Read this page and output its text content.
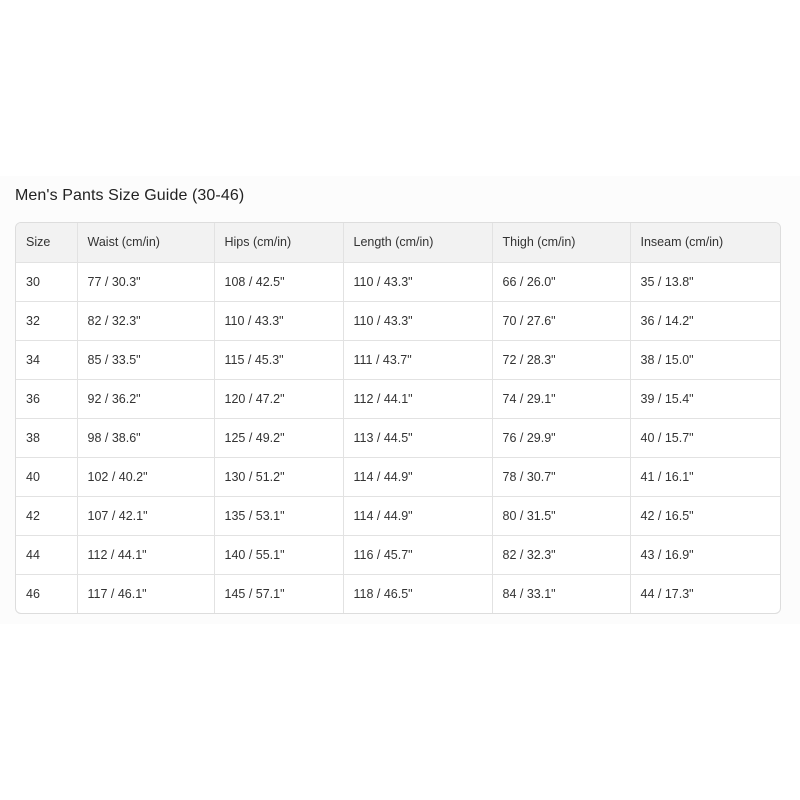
Men's Pants Size Guide (30-46)
Size	Waist (cm/in)	Hips (cm/in)	Length (cm/in)	Thigh (cm/in)	Inseam (cm/in)
30	77 / 30.3"	108 / 42.5"	110 / 43.3"	66 / 26.0"	35 / 13.8"
32	82 / 32.3"	110 / 43.3"	110 / 43.3"	70 / 27.6"	36 / 14.2"
34	85 / 33.5"	115 / 45.3"	111 / 43.7"	72 / 28.3"	38 / 15.0"
36	92 / 36.2"	120 / 47.2"	112 / 44.1"	74 / 29.1"	39 / 15.4"
38	98 / 38.6"	125 / 49.2"	113 / 44.5"	76 / 29.9"	40 / 15.7"
40	102 / 40.2"	130 / 51.2"	114 / 44.9"	78 / 30.7"	41 / 16.1"
42	107 / 42.1"	135 / 53.1"	114 / 44.9"	80 / 31.5"	42 / 16.5"
44	112 / 44.1"	140 / 55.1"	116 / 45.7"	82 / 32.3"	43 / 16.9"
46	117 / 46.1"	145 / 57.1"	118 / 46.5"	84 / 33.1"	44 / 17.3"
